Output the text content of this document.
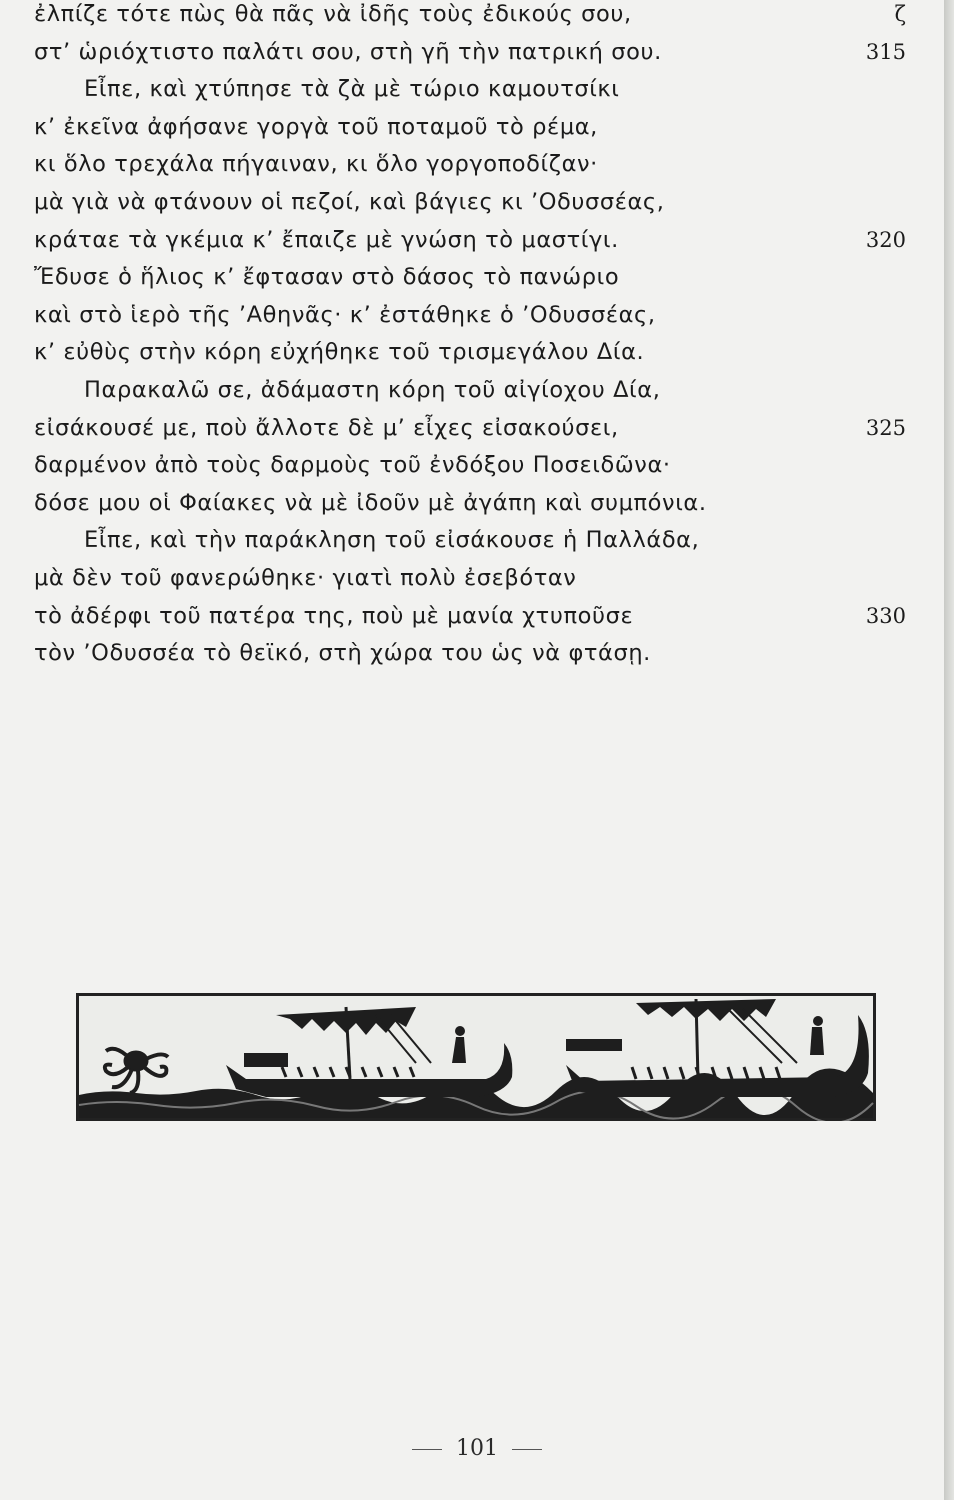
ἐλπίζε τότε πὼς θὰ πᾶς νὰ ἰδῆς τοὺς ἐδικούς σου,
στ’ ὡριόχτιστο παλάτι σου, στὴ γῆ τὴν πατρική σου.
Εἶπε, καὶ χτύπησε τὰ ζὰ μὲ τώριο καμουτσίκι
κ’ ἐκεῖνα ἀφήσανε γοργὰ τοῦ ποταμοῦ τὸ ρέμα,
κι ὅλο τρεχάλα πήγαιναν, κι ὅλο γοργοποδίζαν·
μὰ γιὰ νὰ φτάνουν οἱ πεζοί, καὶ βάγιες κι ’Οδυσσέας,
κράταε τὰ γκέμια κ’ ἔπαιζε μὲ γνώση τὸ μαστίγι.
Ἔδυσε ὁ ἥλιος κ’ ἔφτασαν στὸ δάσος τὸ πανώριο
καὶ στὸ ἱερὸ τῆς ’Αθηνᾶς· κ’ ἐστάθηκε ὁ ’Οδυσσέας,
κ’ εὐθὺς στὴν κόρη εὐχήθηκε τοῦ τρισμεγάλου Δία.
Παρακαλῶ σε, ἀδάμαστη κόρη τοῦ αἰγίοχου Δία,
εἰσάκουσέ με, ποὺ ἄλλοτε δὲ μ’ εἶχες εἰσακούσει,
δαρμένον ἀπὸ τοὺς δαρμοὺς τοῦ ἐνδόξου Ποσειδῶνα·
δόσε μου οἱ Φαίακες νὰ μὲ ἰδοῦν μὲ ἀγάπη καὶ συμπόνια.
Εἶπε, καὶ τὴν παράκληση τοῦ εἰσάκουσε ἡ Παλλάδα,
μὰ δὲν τοῦ φανερώθηκε· γιατὶ πολὺ ἐσεβόταν
τὸ ἀδέρφι τοῦ πατέρα της, ποὺ μὲ μανία χτυποῦσε
τὸν ’Οδυσσέα τὸ θεϊκό, στὴ χώρα του ὡς νὰ φτάσῃ.
ζ
315
320
325
330
101
